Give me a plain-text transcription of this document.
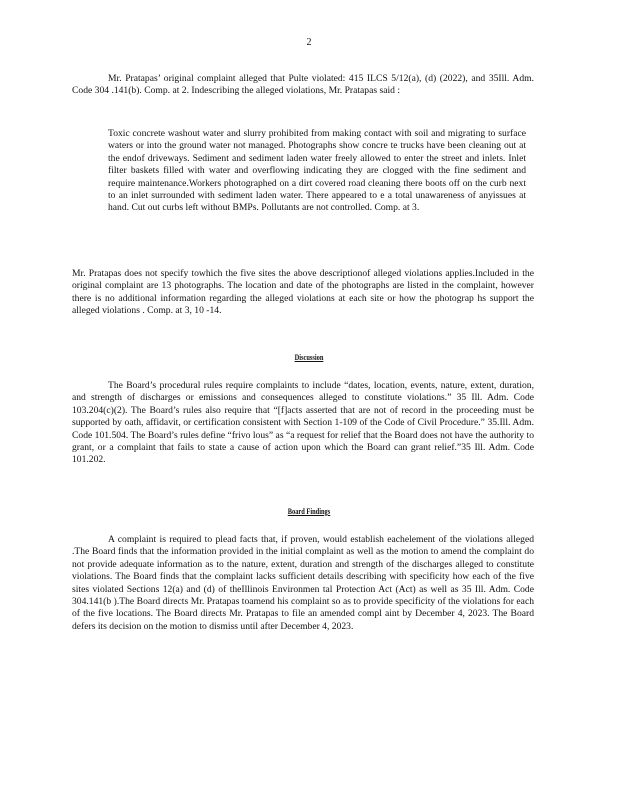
2

Mr. Pratapas’ original complaint alleged that Pulte violated: 415 ILCS 5/12(a), (d) (2022), and 35Ill. Adm. Code 304 .141(b). Comp. at 2. Indescribing the alleged violations, Mr. Pratapas said :

Toxic concrete washout water and slurry prohibited from making contact with soil and migrating to surface waters or into the ground water not managed. Photographs show concre te trucks have been cleaning out at the endof driveways. Sediment and sediment laden water freely allowed to enter the street and inlets. Inlet filter baskets filled with water and overflowing indicating they are clogged with the fine sediment and require maintenance.Workers photographed on a dirt covered road cleaning there boots off on the curb next to an inlet surrounded with sediment laden water. There appeared to e a total unawareness of anyissues at hand. Cut out curbs left without BMPs. Pollutants are not controlled. Comp. at 3.

Mr. Pratapas does not specify towhich the five sites the above descriptionof alleged violations applies.Included in the original complaint are 13 photographs. The location and date of the photographs are listed in the complaint, however there is no additional information regarding the alleged violations at each site or how the photograp hs support the alleged violations . Comp. at 3, 10 -14.

Discussion

The Board’s procedural rules require complaints to include “dates, location, events, nature, extent, duration, and strength of discharges or emissions and consequences alleged to constitute violations.” 35 Ill. Adm. Code 103.204(c)(2). The Board’s rules also require that “[f]acts asserted that are not of record in the proceeding must be supported by oath, affidavit, or certification consistent with Section 1-109 of the Code of Civil Procedure.” 35.Ill. Adm. Code 101.504. The Board’s rules define “frivo lous” as “a request for relief that the Board does not have the authority to grant, or a complaint that fails to state a cause of action upon which the Board can grant relief.”35 Ill. Adm. Code 101.202.

Board Findings

A complaint is required to plead facts that, if proven, would establish eachelement of the violations alleged .The Board finds that the information provided in the initial complaint as well as the motion to amend the complaint do not provide adequate information as to the nature, extent, duration and strength of the discharges alleged to constitute violations. The Board finds that the complaint lacks sufficient details describing with specificity how each of the five sites violated Sections 12(a) and (d) of theIllinois Environmen tal Protection Act (Act) as well as 35 Ill. Adm. Code 304.141(b ).The Board directs Mr. Pratapas toamend his complaint so as to provide specificity of the violations for each of the five locations. The Board directs Mr. Pratapas to file an amended compl aint by December 4, 2023. The Board defers its decision on the motion to dismiss until after December 4, 2023.
